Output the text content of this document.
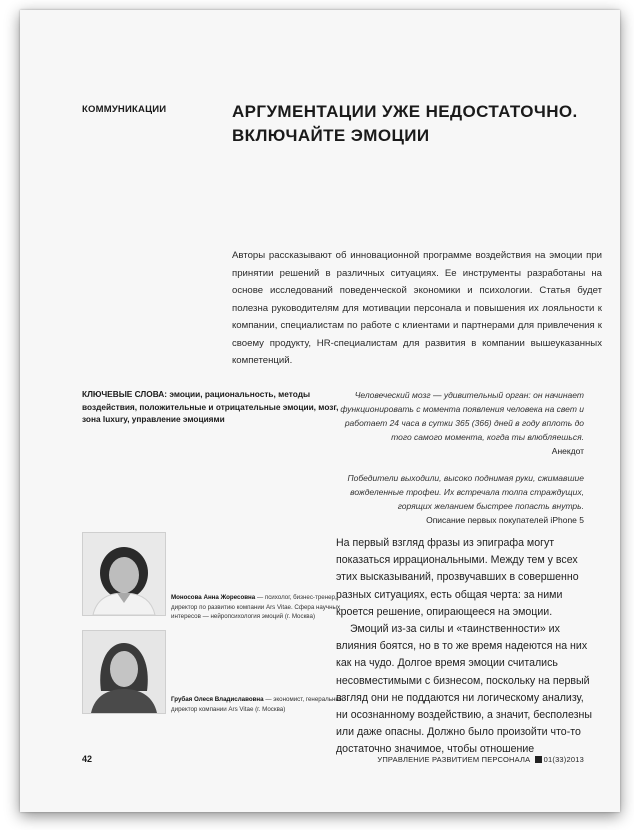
КОММУНИКАЦИИ	АРГУМЕНТАЦИИ УЖЕ НЕДОСТАТОЧНО.
ВКЛЮЧАЙТЕ ЭМОЦИИ

Авторы рассказывают об инновационной программе воздействия на эмоции при принятии решений в различных ситуациях. Ее инструменты разработаны на основе исследований поведенческой экономики и психологии. Статья будет полезна руководителям для мотивации персонала и повышения их лояльности к компании, специалистам по работе с клиентами и партнерами для привлечения к своему продукту, HR-специалистам для развития в компании вышеуказанных компетенций.

КЛЮЧЕВЫЕ СЛОВА: эмоции, рациональность, методы воздействия, положительные и отрицательные эмоции, мозг, зона luxury, управление эмоциями
Человеческий мозг — удивительный орган: он начинает функционировать с момента появления человека на свет и работает 24 часа в сутки 365 (366) дней в году вплоть до того самого момента, когда ты влюбляешься.
Анекдот
Победители выходили, высоко поднимая руки, сжимавшие вожделенные трофеи. Их встречала толпа страждущих, горящих желанием быстрее попасть внутрь.
Описание первых покупателей iPhone 5
Моносова Анна Жоресовна — психолог, бизнес-тренер, директор по развитию компании Ars Vitae. Сфера научных интересов — нейропсихология эмоций (г. Москва)
Грубая Олеся Владиславовна — экономист, генеральный директор компании Ars Vitae (г. Москва)

На первый взгляд фразы из эпиграфа могут показаться иррациональными. Между тем у всех этих высказываний, прозвучавших в совершенно разных ситуациях, есть общая черта: за ними кроется решение, опирающееся на эмоции.

Эмоций из-за силы и «таинственности» их влияния боятся, но в то же время надеются на них как на чудо. Долгое время эмоции считались несовместимыми с бизнесом, поскольку на первый взгляд они не поддаются ни логическому анализу, ни осознанному воздействию, а значит, бесполезны или даже опасны. Должно было произойти что-то достаточно значимое, чтобы отношение

42	УПРАВЛЕНИЕ РАЗВИТИЕМ ПЕРСОНАЛА 01(33)2013
